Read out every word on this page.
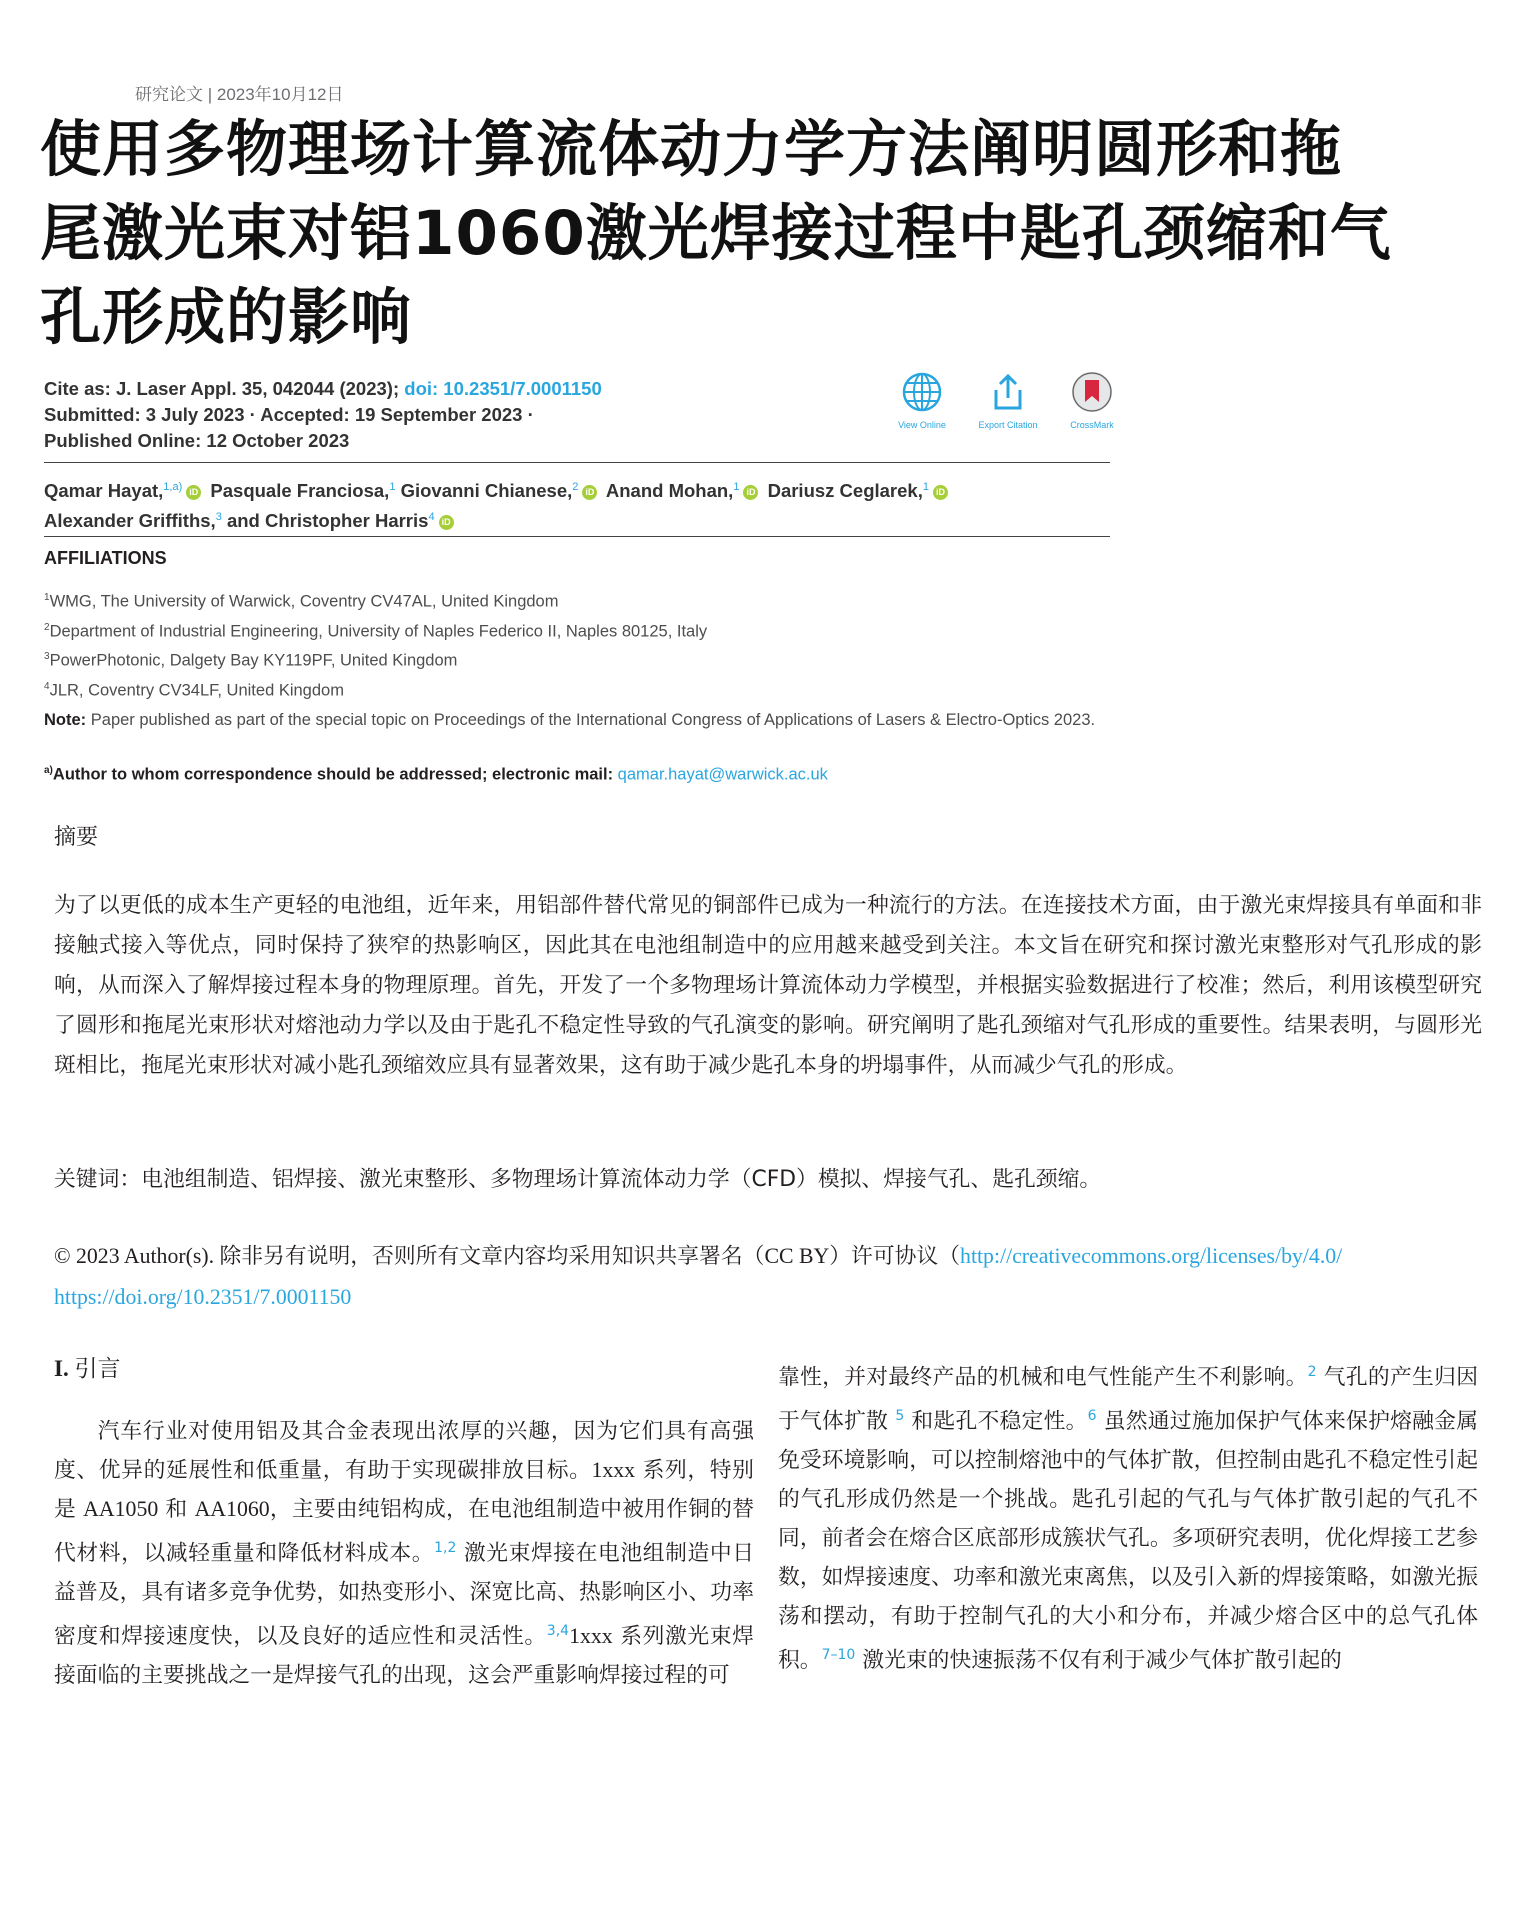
研究论文 | 2023年10月12日
使用多物理场计算流体动力学方法阐明圆形和拖
尾激光束对铝1060激光焊接过程中匙孔颈缩和气
孔形成的影响
Cite as: J. Laser Appl. 35, 042044 (2023); doi: 10.2351/7.0001150
Submitted: 3 July 2023 · Accepted: 19 September 2023 ·
Published Online: 12 October 2023
View Online	Export Citation	CrossMark
Qamar Hayat,$^{1,a)}$ iD Pasquale Franciosa,$^1$ Giovanni Chianese,$^2$ iD Anand Mohan,$^1$ iD Dariusz Ceglarek,$^1$ iD
Alexander Griffiths,$^3$ and Christopher Harris$^4$ iD
AFFILIATIONS
$^1$WMG, The University of Warwick, Coventry CV47AL, United Kingdom
$^2$Department of Industrial Engineering, University of Naples Federico II, Naples 80125, Italy
$^3$PowerPhotonic, Dalgety Bay KY119PF, United Kingdom
$^4$JLR, Coventry CV34LF, United Kingdom
Note: Paper published as part of the special topic on Proceedings of the International Congress of Applications of Lasers & Electro-Optics 2023.
$^{a)}$Author to whom correspondence should be addressed; electronic mail: qamar.hayat@warwick.ac.uk
摘要
为了以更低的成本生产更轻的电池组，近年来，用铝部件替代常见的铜部件已成为一种流行的方法。在连接技术方面，由于激光束焊接具有单面和非接触式接入等优点，同时保持了狭窄的热影响区，因此其在电池组制造中的应用越来越受到关注。本文旨在研究和探讨激光束整形对气孔形成的影响，从而深入了解焊接过程本身的物理原理。首先，开发了一个多物理场计算流体动力学模型，并根据实验数据进行了校准；然后，利用该模型研究了圆形和拖尾光束形状对熔池动力学以及由于匙孔不稳定性导致的气孔演变的影响。研究阐明了匙孔颈缩对气孔形成的重要性。结果表明，与圆形光斑相比，拖尾光束形状对减小匙孔颈缩效应具有显著效果，这有助于减少匙孔本身的坍塌事件，从而减少气孔的形成。
关键词：电池组制造、铝焊接、激光束整形、多物理场计算流体动力学（CFD）模拟、焊接气孔、匙孔颈缩。
© 2023 Author(s). 除非另有说明，否则所有文章内容均采用知识共享署名（CC BY）许可协议（http://creativecommons.org/licenses/by/4.0/
https://doi.org/10.2351/7.0001150
I. 引言
汽车行业对使用铝及其合金表现出浓厚的兴趣，因为它们具有高强度、优异的延展性和低重量，有助于实现碳排放目标。1xxx 系列，特别是 AA1050 和 AA1060，主要由纯铝构成，在电池组制造中被用作铜的替代材料，以减轻重量和降低材料成本。$^{1,2}$ 激光束焊接在电池组制造中日益普及，具有诸多竞争优势，如热变形小、深宽比高、热影响区小、功率密度和焊接速度快，以及良好的适应性和灵活性。$^{3,4}$1xxx 系列激光束焊接面临的主要挑战之一是焊接气孔的出现，这会严重影响焊接过程的可
靠性，并对最终产品的机械和电气性能产生不利影响。$^2$ 气孔的产生归因于气体扩散 $^5$ 和匙孔不稳定性。$^6$ 虽然通过施加保护气体来保护熔融金属免受环境影响，可以控制熔池中的气体扩散，但控制由匙孔不稳定性引起的气孔形成仍然是一个挑战。匙孔引起的气孔与气体扩散引起的气孔不同，前者会在熔合区底部形成簇状气孔。多项研究表明，优化焊接工艺参数，如焊接速度、功率和激光束离焦，以及引入新的焊接策略，如激光振荡和摆动，有助于控制气孔的大小和分布，并减少熔合区中的总气孔体积。$^{7-10}$ 激光束的快速振荡不仅有利于减少气体扩散引起的
